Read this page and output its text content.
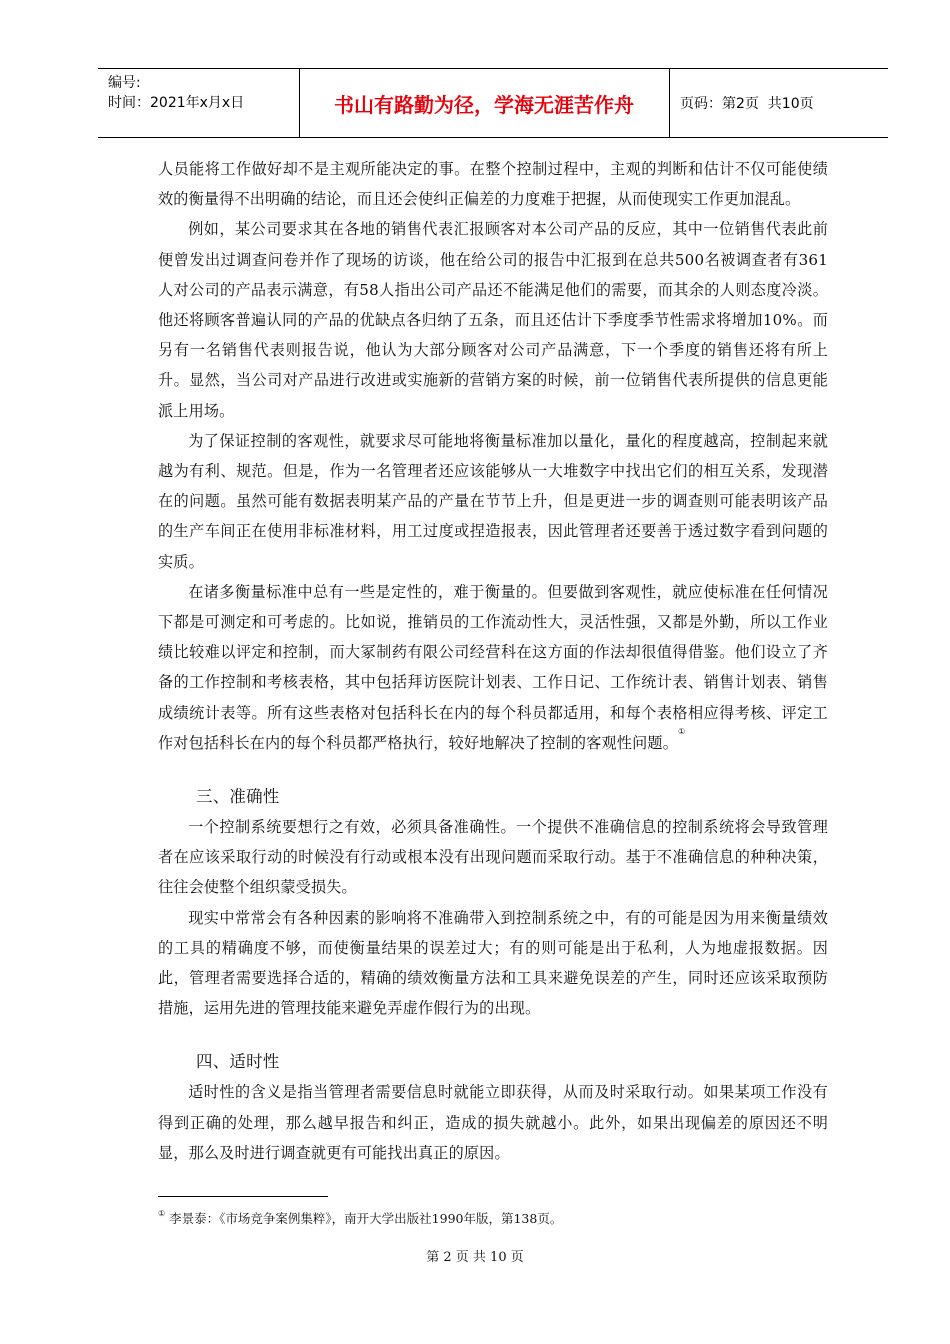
编号:
时间：2021年x月x日	书山有路勤为径，学海无涯苦作舟	页码：第2页  共10页

人员能将工作做好却不是主观所能决定的事。在整个控制过程中，主观的判断和估计不仅可能使绩效的衡量得不出明确的结论，而且还会使纠正偏差的力度难于把握，从而使现实工作更加混乱。

例如，某公司要求其在各地的销售代表汇报顾客对本公司产品的反应，其中一位销售代表此前便曾发出过调查问卷并作了现场的访谈，他在给公司的报告中汇报到在总共500名被调查者有361人对公司的产品表示满意，有58人指出公司产品还不能满足他们的需要，而其余的人则态度冷淡。他还将顾客普遍认同的产品的优缺点各归纳了五条，而且还估计下季度季节性需求将增加10%。而另有一名销售代表则报告说，他认为大部分顾客对公司产品满意，下一个季度的销售还将有所上升。显然，当公司对产品进行改进或实施新的营销方案的时候，前一位销售代表所提供的信息更能派上用场。

为了保证控制的客观性，就要求尽可能地将衡量标准加以量化，量化的程度越高，控制起来就越为有利、规范。但是，作为一名管理者还应该能够从一大堆数字中找出它们的相互关系，发现潜在的问题。虽然可能有数据表明某产品的产量在节节上升，但是更进一步的调查则可能表明该产品的生产车间正在使用非标准材料，用工过度或捏造报表，因此管理者还要善于透过数字看到问题的实质。

在诸多衡量标准中总有一些是定性的，难于衡量的。但要做到客观性，就应使标准在任何情况下都是可测定和可考虑的。比如说，推销员的工作流动性大，灵活性强，又都是外勤，所以工作业绩比较难以评定和控制，而大冢制药有限公司经营科在这方面的作法却很值得借鉴。他们设立了齐备的工作控制和考核表格，其中包括拜访医院计划表、工作日记、工作统计表、销售计划表、销售成绩统计表等。所有这些表格对包括科长在内的每个科员都适用，和每个表格相应得考核、评定工作对包括科长在内的每个科员都严格执行，较好地解决了控制的客观性问题。①

三、准确性

一个控制系统要想行之有效，必须具备准确性。一个提供不准确信息的控制系统将会导致管理者在应该采取行动的时候没有行动或根本没有出现问题而采取行动。基于不准确信息的种种决策，往往会使整个组织蒙受损失。

现实中常常会有各种因素的影响将不准确带入到控制系统之中，有的可能是因为用来衡量绩效的工具的精确度不够，而使衡量结果的误差过大；有的则可能是出于私利，人为地虚报数据。因此，管理者需要选择合适的，精确的绩效衡量方法和工具来避免误差的产生，同时还应该采取预防措施，运用先进的管理技能来避免弄虚作假行为的出现。

四、适时性

适时性的含义是指当管理者需要信息时就能立即获得，从而及时采取行动。如果某项工作没有得到正确的处理，那么越早报告和纠正，造成的损失就越小。此外，如果出现偏差的原因还不明显，那么及时进行调查就更有可能找出真正的原因。

① 李景泰：《市场竞争案例集粹》，南开大学出版社1990年版，第138页。
第 2 页 共 10 页
